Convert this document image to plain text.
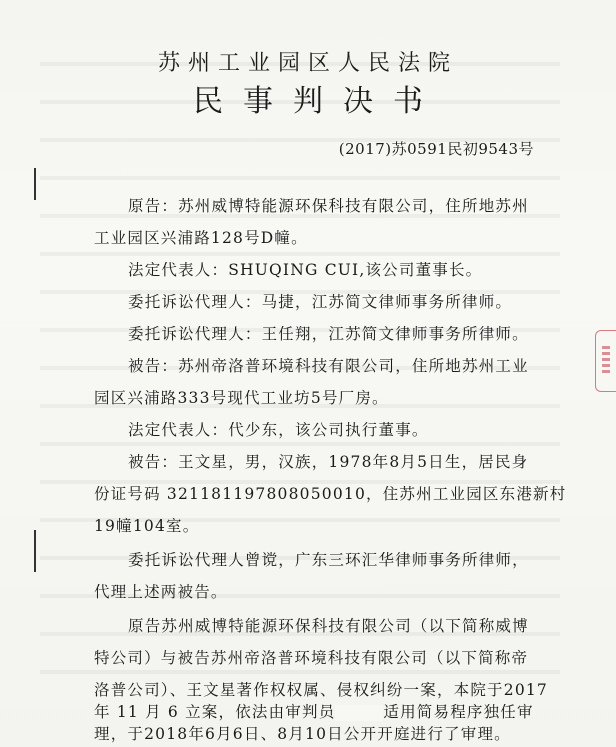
苏州工业园区人民法院
民事判决书
(2017)苏0591民初9543号
原告：苏州威博特能源环保科技有限公司，住所地苏州
工业园区兴浦路128号D幢。
法定代表人：SHUQING CUI,该公司董事长。
委托诉讼代理人：马捷，江苏简文律师事务所律师。
委托诉讼代理人：王任翔，江苏简文律师事务所律师。
被告：苏州帝洛普环境科技有限公司，住所地苏州工业
园区兴浦路333号现代工业坊5号厂房。
法定代表人：代少东，该公司执行董事。
被告：王文星，男，汉族，1978年8月5日生，居民身
份证号码 321181197808050010，住苏州工业园区东港新村
19幢104室。
委托诉讼代理人曾谠，广东三环汇华律师事务所律师，
代理上述两被告。
原告苏州威博特能源环保科技有限公司（以下简称威博
特公司）与被告苏州帝洛普环境科技有限公司（以下简称帝
洛普公司）、王文星著作权权属、侵权纠纷一案，本院于2017
年 11 月 6 立案，依法由审判员	适用简易程序独任审
理，于2018年6月6日、8月10日公开开庭进行了审理。
